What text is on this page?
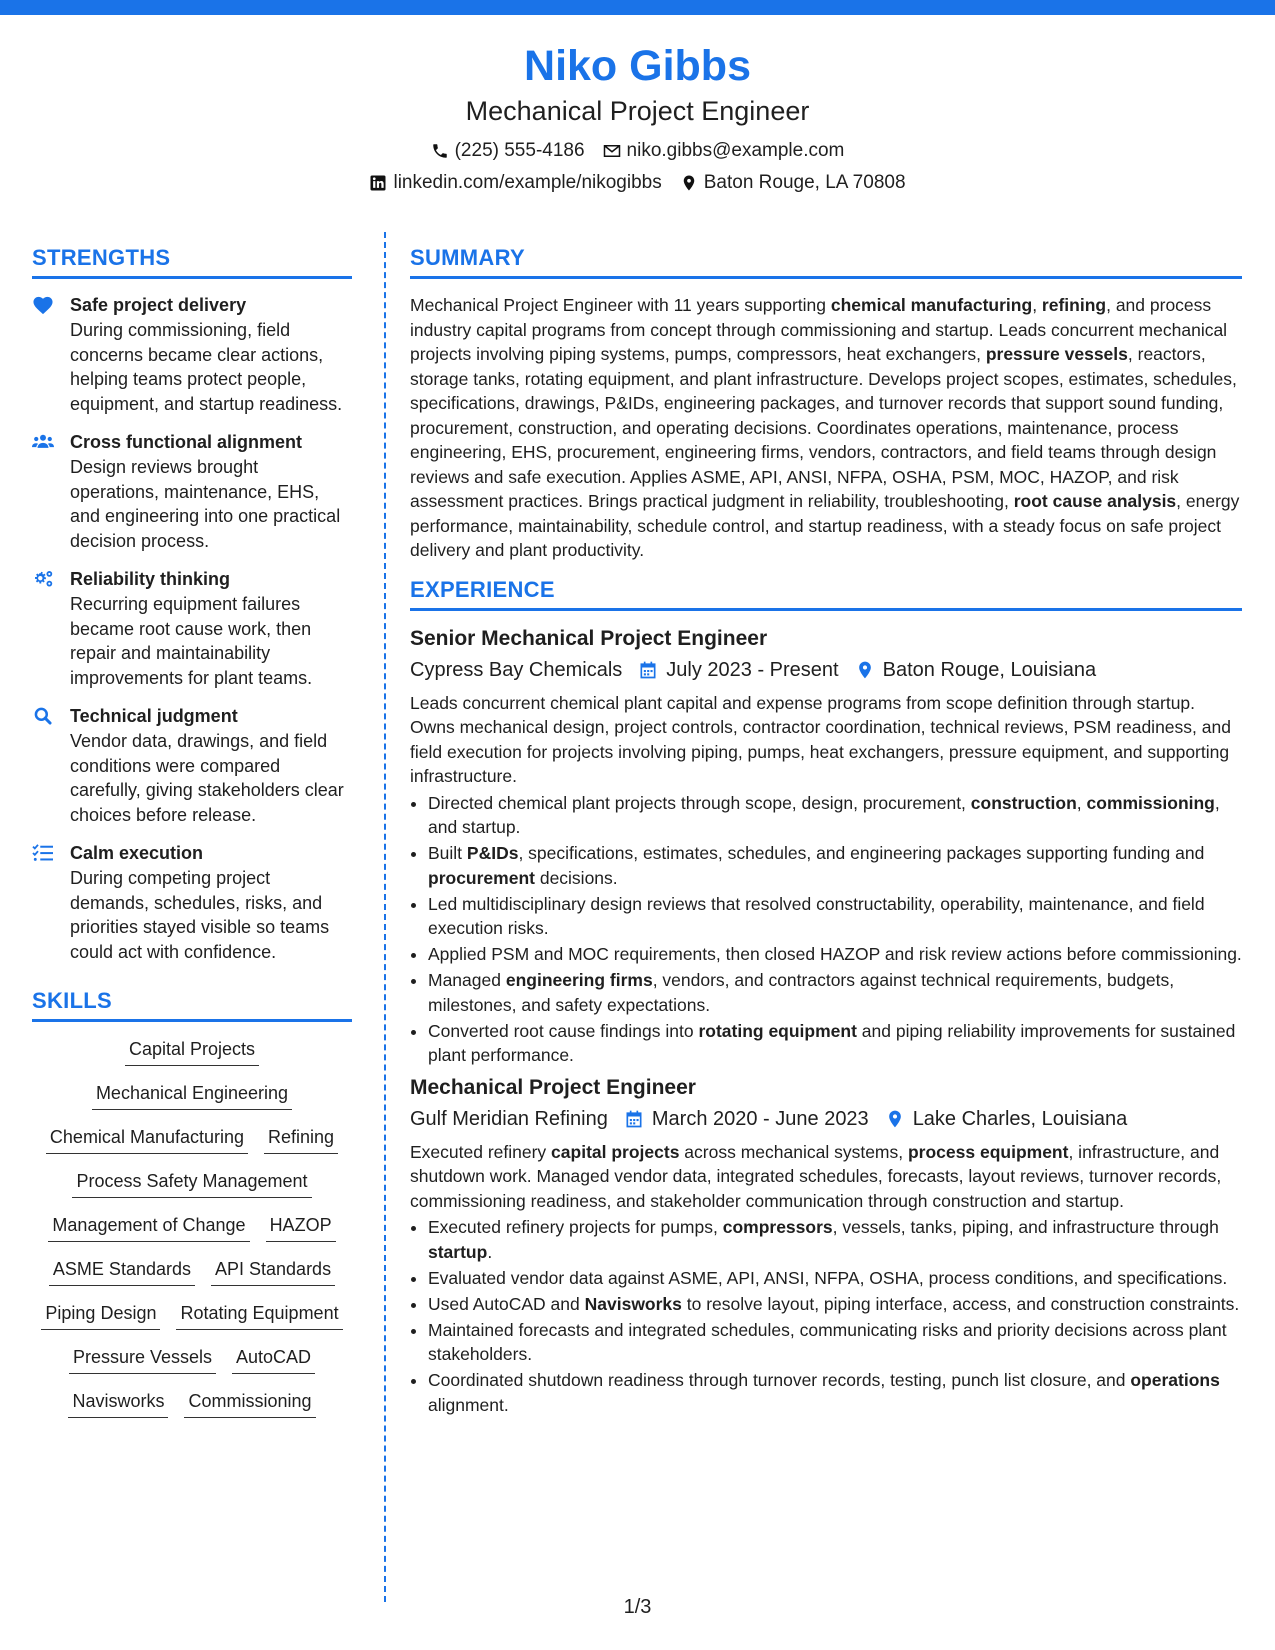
Niko Gibbs
Mechanical Project Engineer
(225) 555-4186 niko.gibbs@example.com
linkedin.com/example/nikogibbs Baton Rouge, LA 70808
STRENGTHS
Safe project delivery
During commissioning, field concerns became clear actions, helping teams protect people, equipment, and startup readiness.
Cross functional alignment
Design reviews brought operations, maintenance, EHS, and engineering into one practical decision process.
Reliability thinking
Recurring equipment failures became root cause work, then repair and maintainability improvements for plant teams.
Technical judgment
Vendor data, drawings, and field conditions were compared carefully, giving stakeholders clear choices before release.
Calm execution
During competing project demands, schedules, risks, and priorities stayed visible so teams could act with confidence.
SKILLS
Capital Projects
Mechanical Engineering
Chemical Manufacturing Refining
Process Safety Management
Management of Change HAZOP
ASME Standards API Standards
Piping Design Rotating Equipment
Pressure Vessels AutoCAD
Navisworks Commissioning
SUMMARY

Mechanical Project Engineer with 11 years supporting chemical manufacturing, refining, and process industry capital programs from concept through commissioning and startup. Leads concurrent mechanical projects involving piping systems, pumps, compressors, heat exchangers, pressure vessels, reactors, storage tanks, rotating equipment, and plant infrastructure. Develops project scopes, estimates, schedules, specifications, drawings, P&IDs, engineering packages, and turnover records that support sound funding, procurement, construction, and operating decisions. Coordinates operations, maintenance, process engineering, EHS, procurement, engineering firms, vendors, contractors, and field teams through design reviews and safe execution. Applies ASME, API, ANSI, NFPA, OSHA, PSM, MOC, HAZOP, and risk assessment practices. Brings practical judgment in reliability, troubleshooting, root cause analysis, energy performance, maintainability, schedule control, and startup readiness, with a steady focus on safe project delivery and plant productivity.

EXPERIENCE
Senior Mechanical Project Engineer
Cypress Bay Chemicals July 2023 - Present Baton Rouge, Louisiana
Leads concurrent chemical plant capital and expense programs from scope definition through startup. Owns mechanical design, project controls, contractor coordination, technical reviews, PSM readiness, and field execution for projects involving piping, pumps, heat exchangers, pressure equipment, and supporting infrastructure.
• Directed chemical plant projects through scope, design, procurement, construction, commissioning, and startup.
• Built P&IDs, specifications, estimates, schedules, and engineering packages supporting funding and procurement decisions.
• Led multidisciplinary design reviews that resolved constructability, operability, maintenance, and field execution risks.
• Applied PSM and MOC requirements, then closed HAZOP and risk review actions before commissioning.
• Managed engineering firms, vendors, and contractors against technical requirements, budgets, milestones, and safety expectations.
• Converted root cause findings into rotating equipment and piping reliability improvements for sustained plant performance.
Mechanical Project Engineer
Gulf Meridian Refining March 2020 - June 2023 Lake Charles, Louisiana
Executed refinery capital projects across mechanical systems, process equipment, infrastructure, and shutdown work. Managed vendor data, integrated schedules, forecasts, layout reviews, turnover records, commissioning readiness, and stakeholder communication through construction and startup.
• Executed refinery projects for pumps, compressors, vessels, tanks, piping, and infrastructure through startup.
• Evaluated vendor data against ASME, API, ANSI, NFPA, OSHA, process conditions, and specifications.
• Used AutoCAD and Navisworks to resolve layout, piping interface, access, and construction constraints.
• Maintained forecasts and integrated schedules, communicating risks and priority decisions across plant stakeholders.
• Coordinated shutdown readiness through turnover records, testing, punch list closure, and operations alignment.
1/3
